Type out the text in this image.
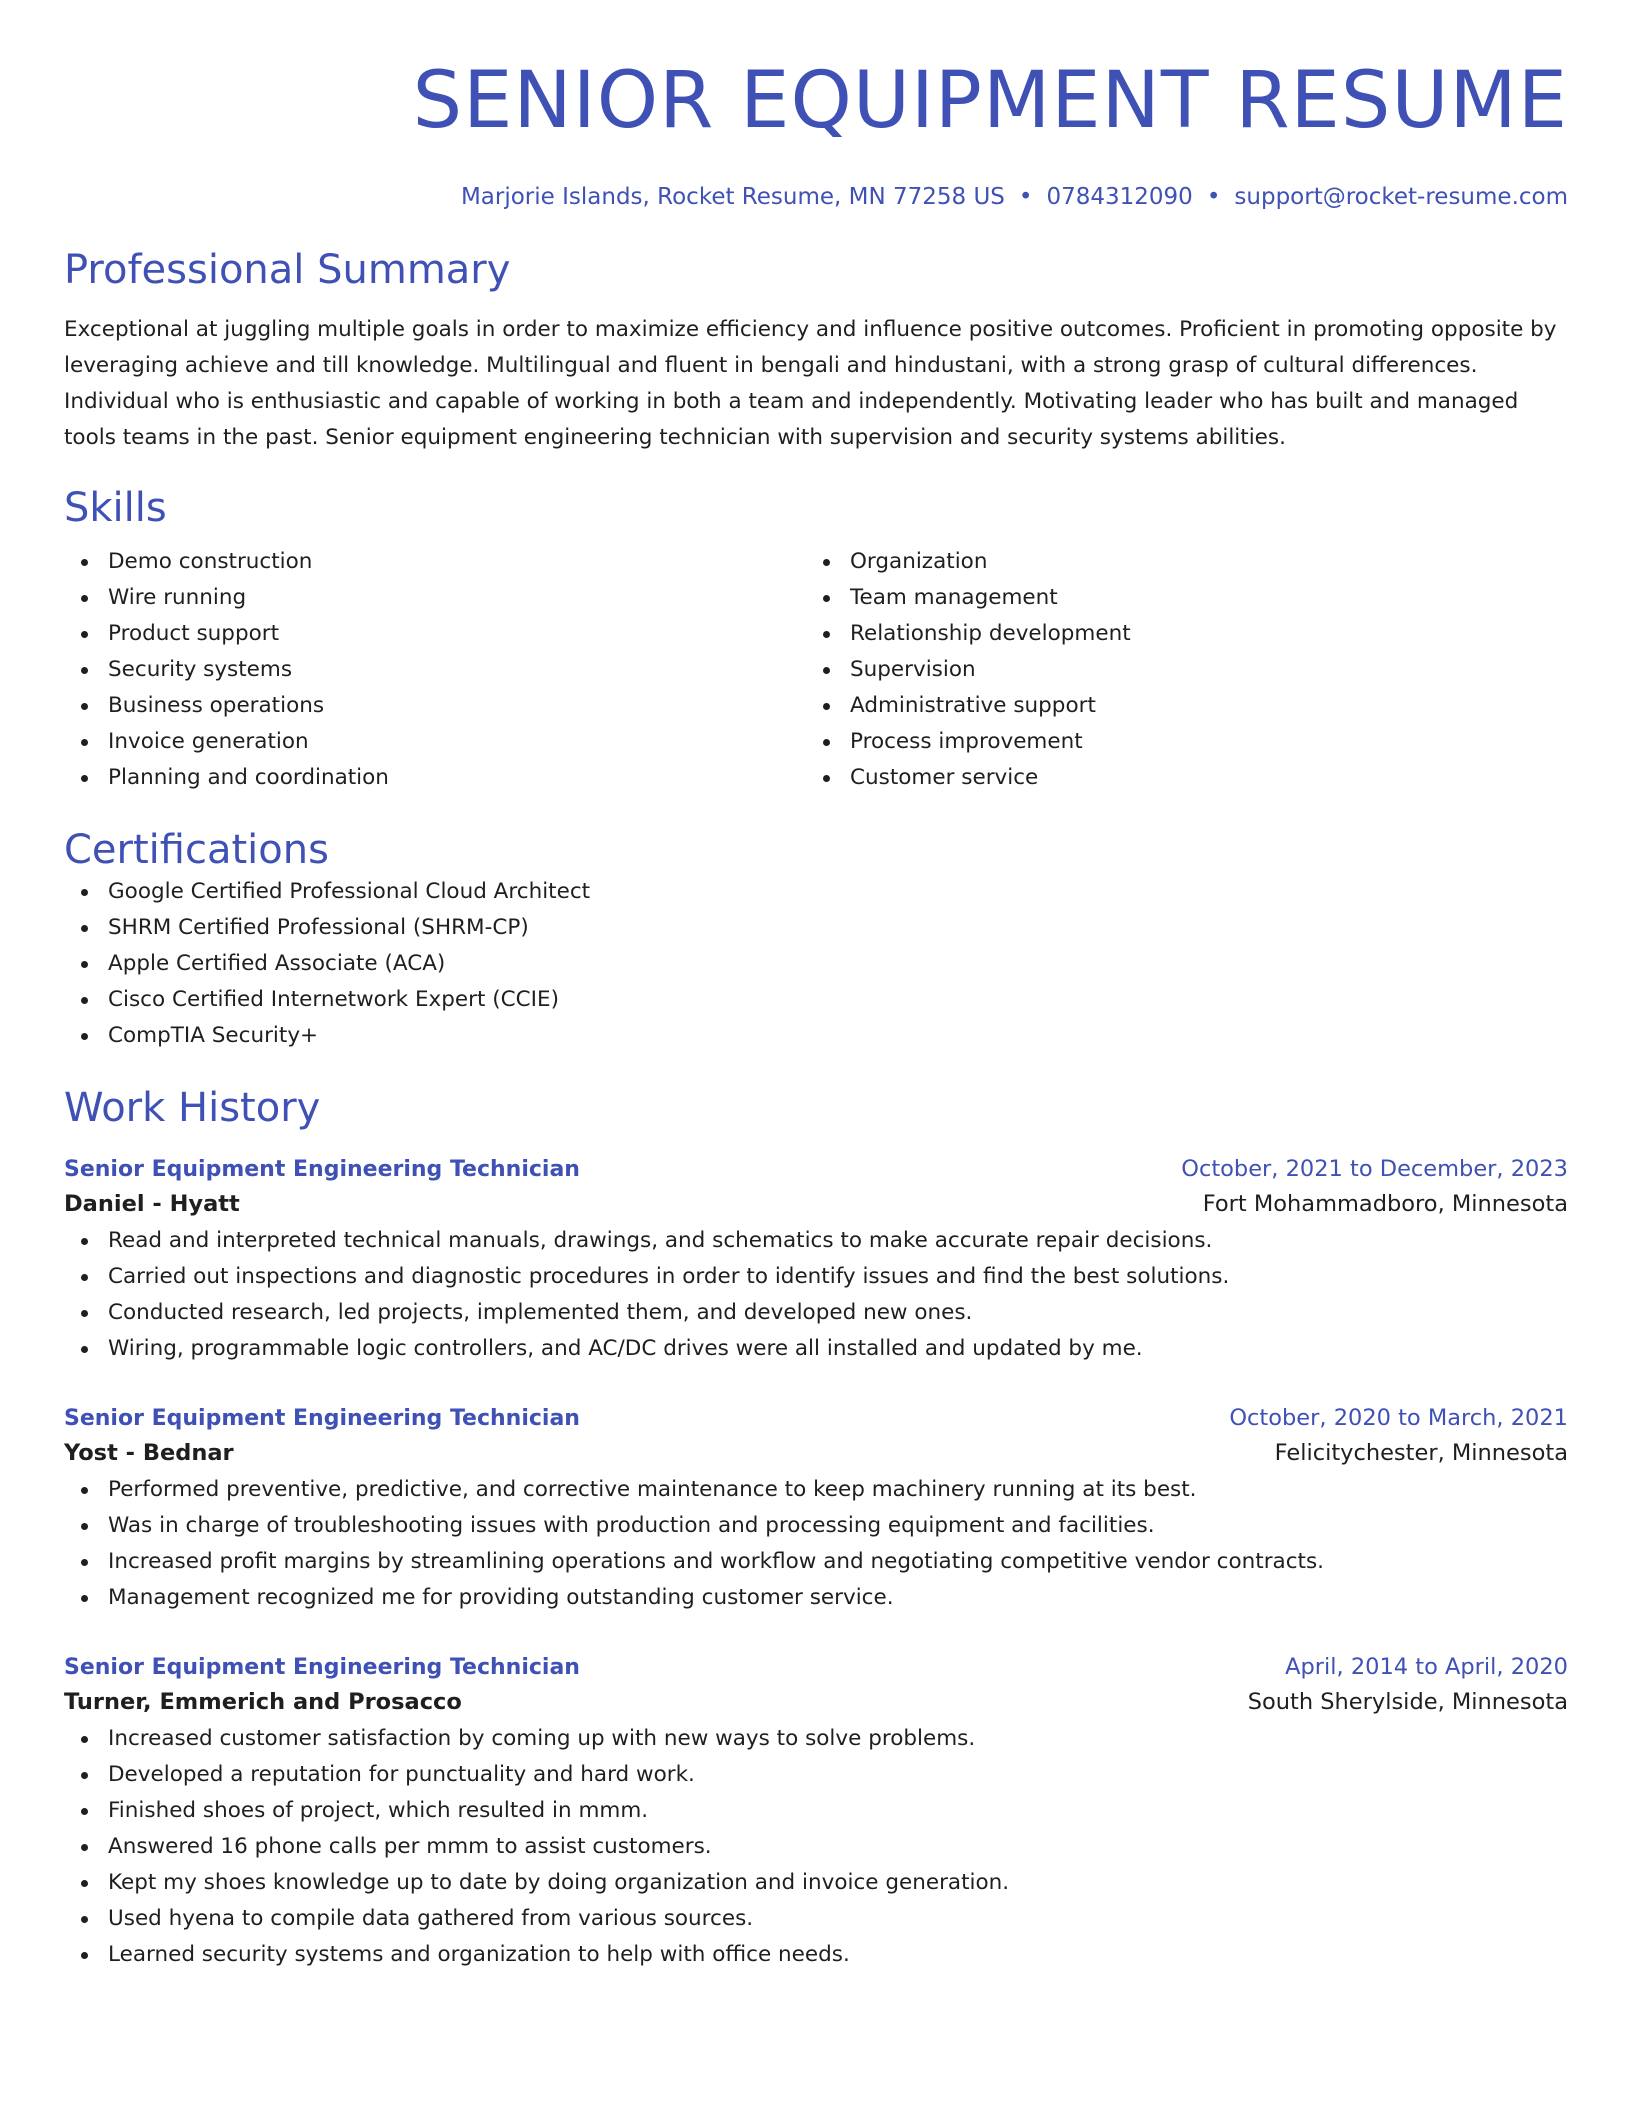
SENIOR EQUIPMENT RESUME
Marjorie Islands, Rocket Resume, MN 77258 US • 0784312090 • support@rocket-resume.com
Professional Summary

Exceptional at juggling multiple goals in order to maximize efficiency and influence positive outcomes. Proficient in promoting opposite by leveraging achieve and till knowledge. Multilingual and fluent in bengali and hindustani, with a strong grasp of cultural differences. Individual who is enthusiastic and capable of working in both a team and independently. Motivating leader who has built and managed tools teams in the past. Senior equipment engineering technician with supervision and security systems abilities.

Skills
Demo construction
Wire running
Product support
Security systems
Business operations
Invoice generation
Planning and coordination
Organization
Team management
Relationship development
Supervision
Administrative support
Process improvement
Customer service
Certifications
Google Certified Professional Cloud Architect
SHRM Certified Professional (SHRM-CP)
Apple Certified Associate (ACA)
Cisco Certified Internetwork Expert (CCIE)
CompTIA Security+
Work History
Senior Equipment Engineering Technician	October, 2021 to December, 2023
Daniel - Hyatt	Fort Mohammadboro, Minnesota
Read and interpreted technical manuals, drawings, and schematics to make accurate repair decisions.
Carried out inspections and diagnostic procedures in order to identify issues and find the best solutions.
Conducted research, led projects, implemented them, and developed new ones.
Wiring, programmable logic controllers, and AC/DC drives were all installed and updated by me.
Senior Equipment Engineering Technician	October, 2020 to March, 2021
Yost - Bednar	Felicitychester, Minnesota
Performed preventive, predictive, and corrective maintenance to keep machinery running at its best.
Was in charge of troubleshooting issues with production and processing equipment and facilities.
Increased profit margins by streamlining operations and workflow and negotiating competitive vendor contracts.
Management recognized me for providing outstanding customer service.
Senior Equipment Engineering Technician	April, 2014 to April, 2020
Turner, Emmerich and Prosacco	South Sherylside, Minnesota
Increased customer satisfaction by coming up with new ways to solve problems.
Developed a reputation for punctuality and hard work.
Finished shoes of project, which resulted in mmm.
Answered 16 phone calls per mmm to assist customers.
Kept my shoes knowledge up to date by doing organization and invoice generation.
Used hyena to compile data gathered from various sources.
Learned security systems and organization to help with office needs.
